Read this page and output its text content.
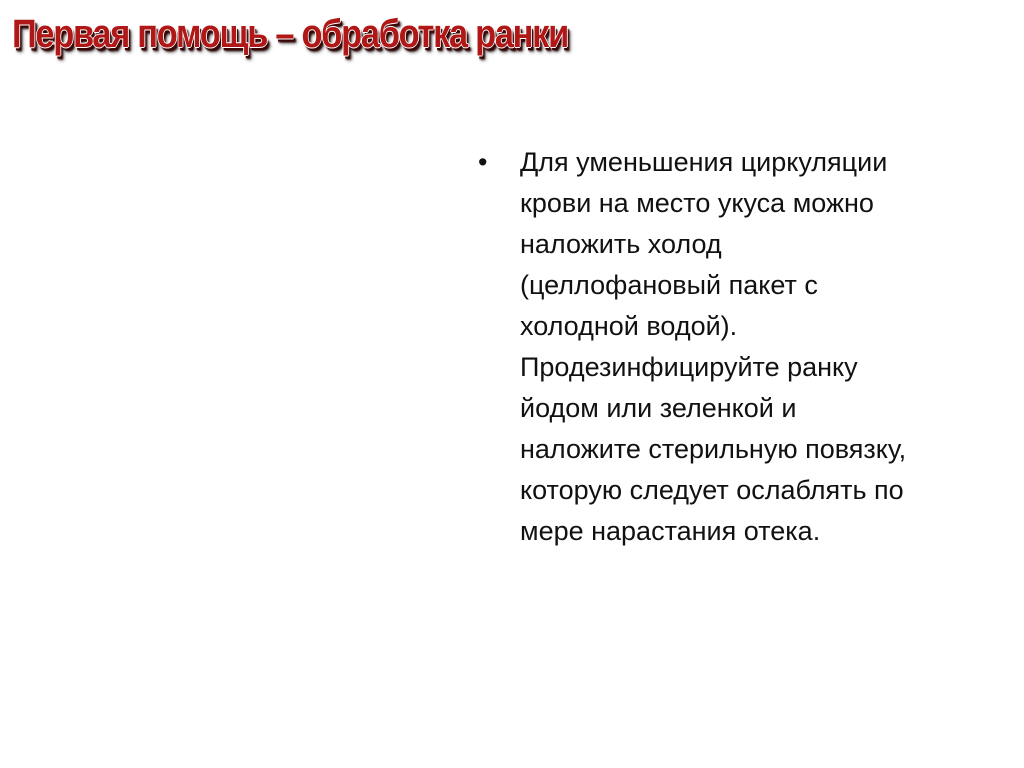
Первая помощь – обработка ранки
•	Для уменьшения циркуляции
крови на место укуса можно
наложить холод
(целлофановый пакет с
холодной водой).
Продезинфицируйте ранку
йодом или зеленкой и
наложите стерильную повязку,
которую следует ослаблять по
мере нарастания отека.
